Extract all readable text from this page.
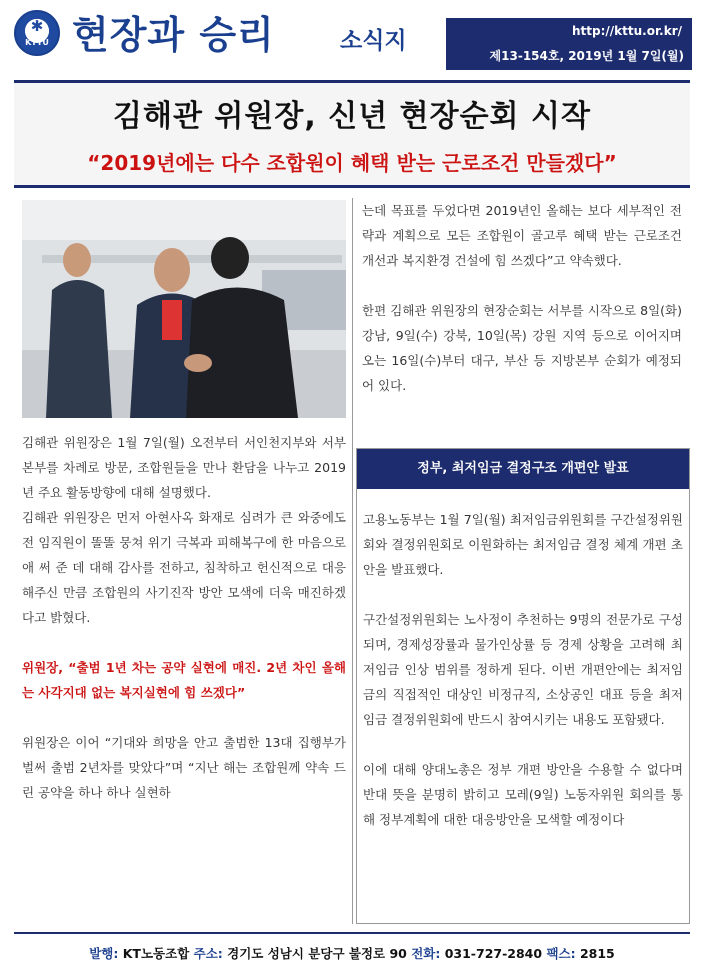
✱
KTTU 현장과 승리	소식지	http://kttu.or.kr/
제13-154호, 2019년 1월 7일(월)
김해관 위원장, 신년 현장순회 시작
“2019년에는 다수 조합원이 혜택 받는 근로조건 만들겠다”

김해관 위원장은 1월 7일(월) 오전부터 서인천지부와 서부본부를 차례로 방문, 조합원들을 만나 환담을 나누고 2019년 주요 활동방향에 대해 설명했다.

김해관 위원장은 먼저 아현사옥 화재로 심려가 큰 와중에도 전 임직원이 똘똘 뭉쳐 위기 극복과 피해복구에 한 마음으로 애 써 준 데 대해 감사를 전하고, 침착하고 헌신적으로 대응해주신 만큼 조합원의 사기진작 방안 모색에 더욱 매진하겠다고 밝혔다.

위원장, “출범 1년 차는 공약 실현에 매진. 2년 차인 올해는 사각지대 없는 복지실현에 힘 쓰겠다”

위원장은 이어 “기대와 희망을 안고 출범한 13대 집행부가 벌써 출범 2년차를 맞았다”며 “지난 해는 조합원께 약속 드린 공약을 하나 하나 실현하

는데 목표를 두었다면 2019년인 올해는 보다 세부적인 전략과 계획으로 모든 조합원이 골고루 혜택 받는 근로조건 개선과 복지환경 건설에 힘 쓰겠다”고 약속했다.

한편 김해관 위원장의 현장순회는 서부를 시작으로 8일(화) 강남, 9일(수) 강북, 10일(목) 강원 지역 등으로 이어지며 오는 16일(수)부터 대구, 부산 등 지방본부 순회가 예정되어 있다.

정부, 최저임금 결정구조 개편안 발표

고용노동부는 1월 7일(월) 최저임금위원회를 구간설정위원회와 결정위원회로 이원화하는 최저임금 결정 체계 개편 초안을 발표했다.

구간설정위원회는 노사정이 추천하는 9명의 전문가로 구성되며, 경제성장률과 물가인상률 등 경제 상황을 고려해 최저임금 인상 범위를 정하게 된다. 이번 개편안에는 최저임금의 직접적인 대상인 비정규직, 소상공인 대표 등을 최저임금 결정위원회에 반드시 참여시키는 내용도 포함됐다.

이에 대해 양대노총은 정부 개편 방안을 수용할 수 없다며 반대 뜻을 분명히 밝히고 모레(9일) 노동자위원 회의를 통해 정부계획에 대한 대응방안을 모색할 예정이다

발행: KT노동조합 주소: 경기도 성남시 분당구 불정로 90 전화: 031-727-2840 팩스: 2815
